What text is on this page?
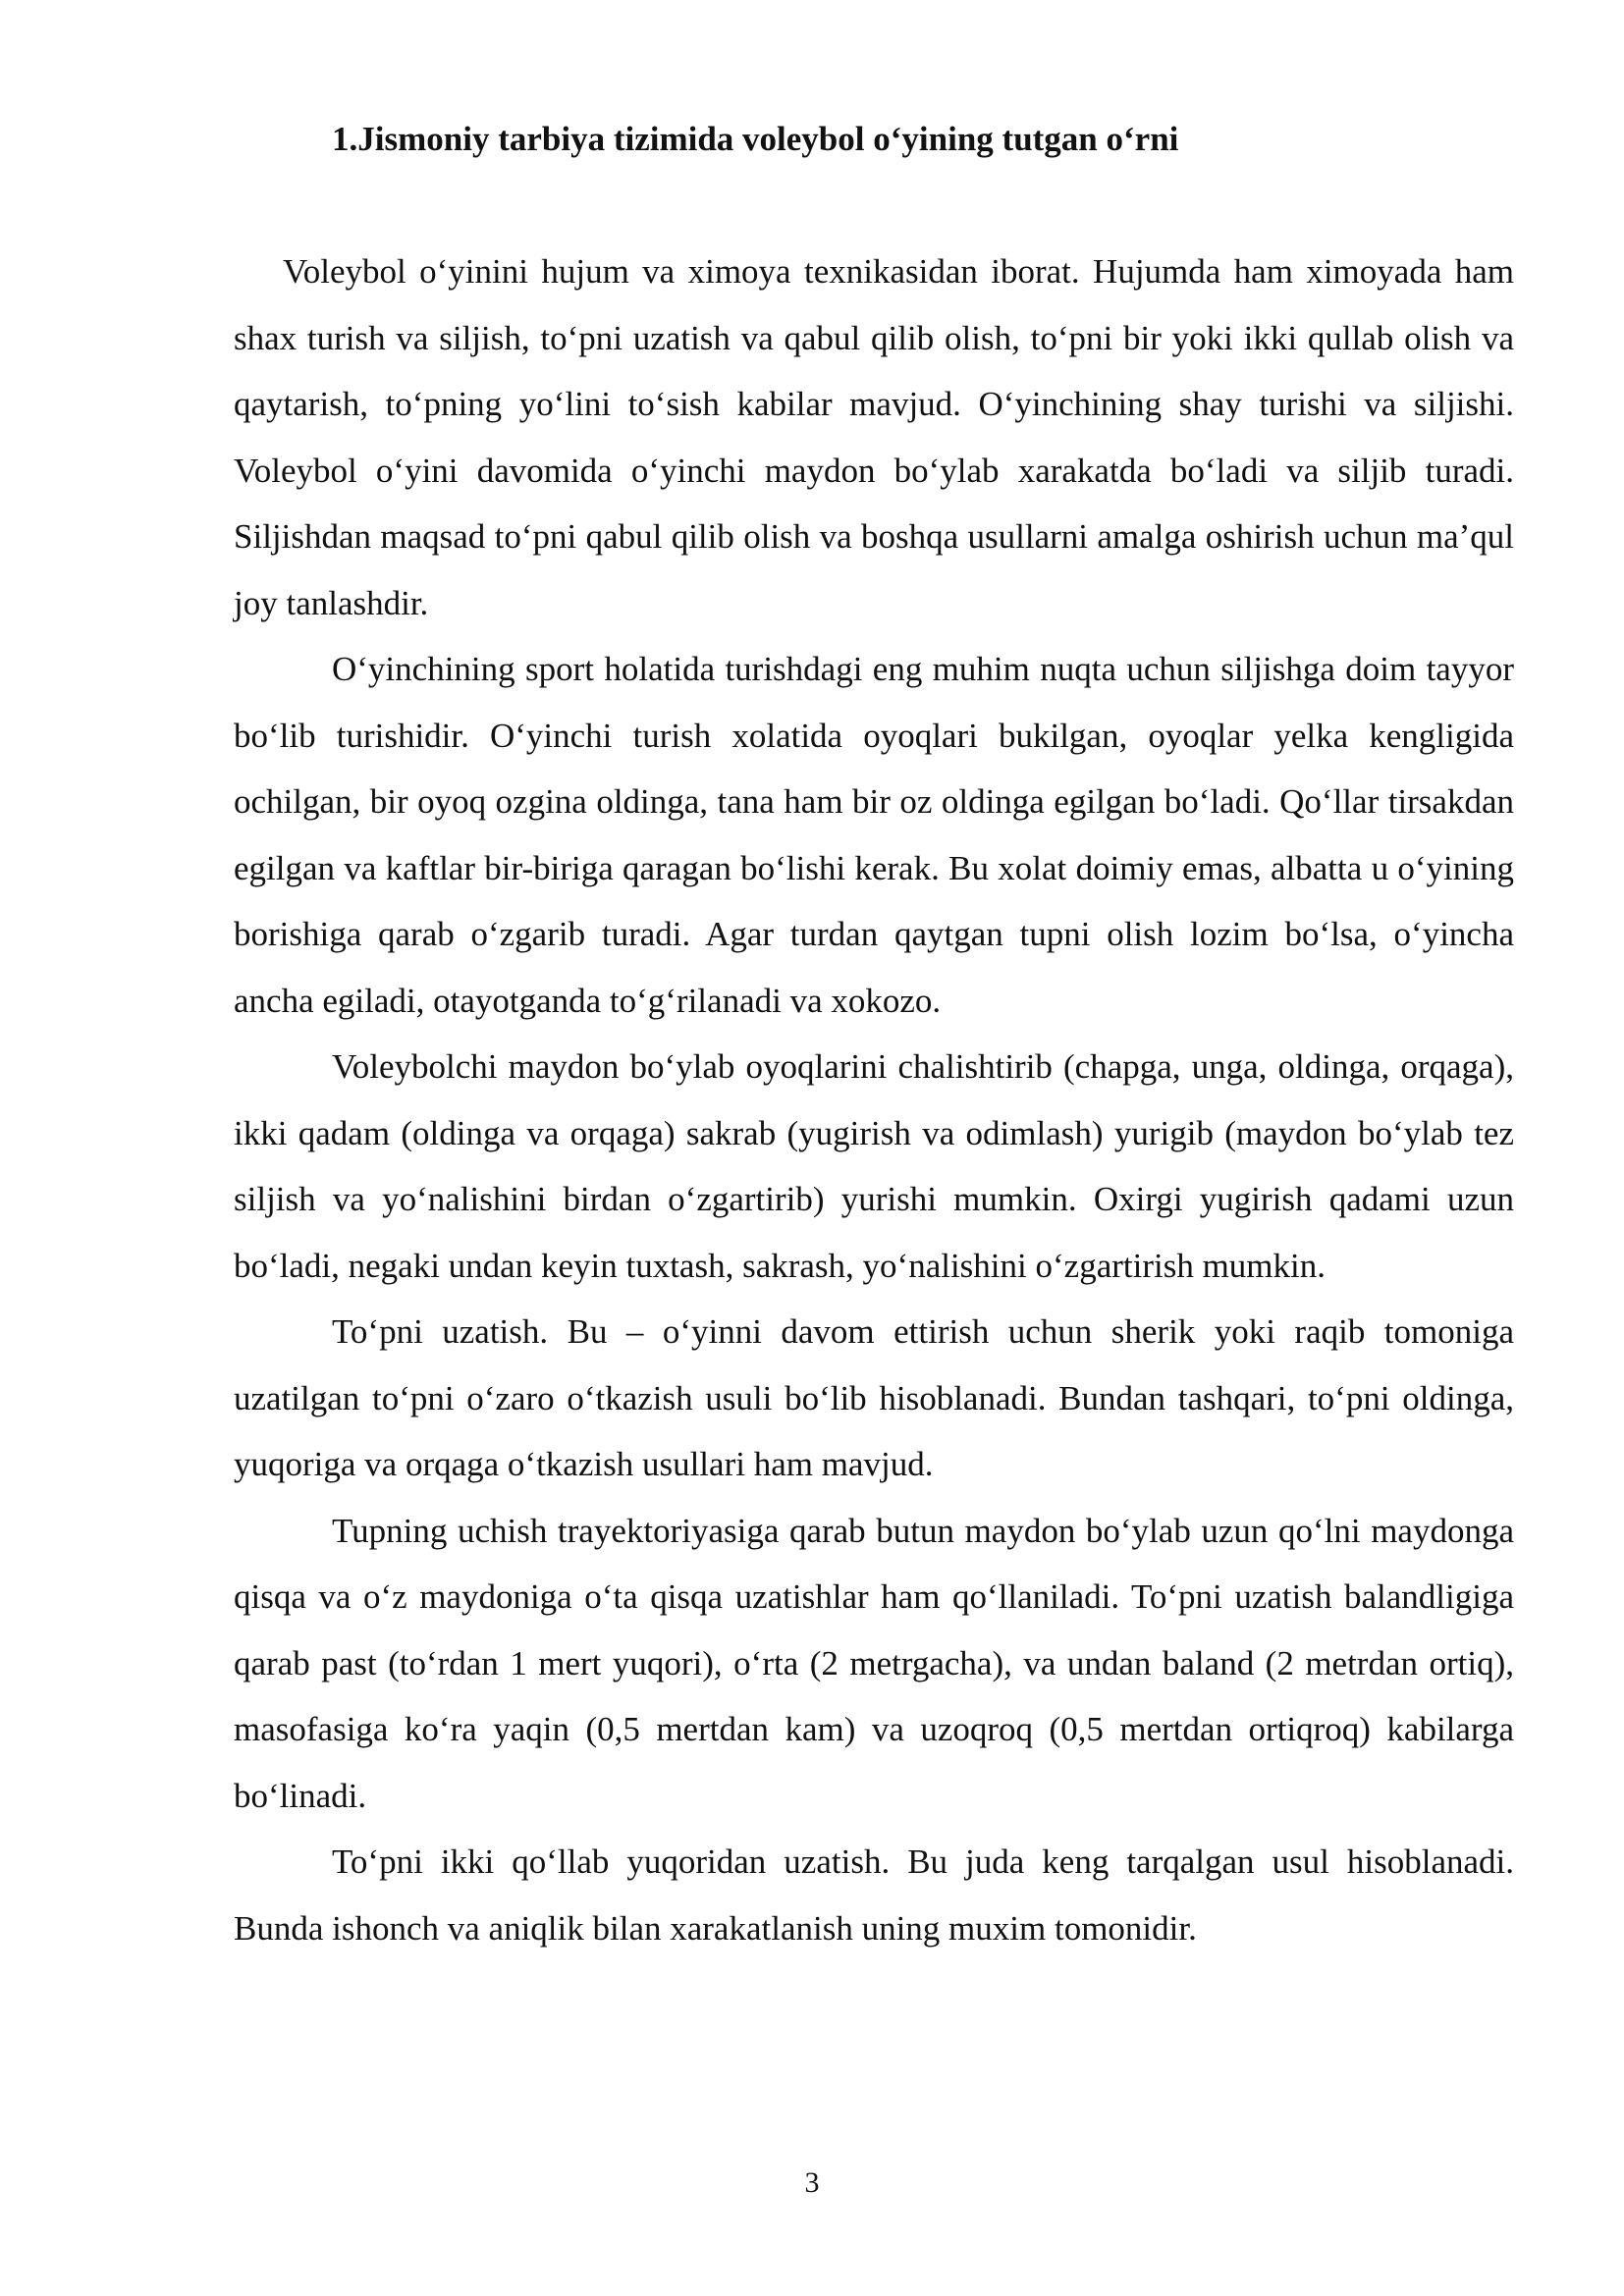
1.Jismoniy tarbiya tizimida voleybol o‘yining tutgan o‘rni

Voleybol o‘yinini hujum va ximoya texnikasidan iborat. Hujumda ham ximoyada ham shax turish va siljish, to‘pni uzatish va qabul qilib olish, to‘pni bir yoki ikki qullab olish va qaytarish, to‘pning yo‘lini to‘sish kabilar mavjud. O‘yinchining shay turishi va siljishi. Voleybol o‘yini davomida o‘yinchi maydon bo‘ylab xarakatda bo‘ladi va siljib turadi. Siljishdan maqsad to‘pni qabul qilib olish va boshqa usullarni amalga oshirish uchun ma’qul joy tanlashdir.

O‘yinchining sport holatida turishdagi eng muhim nuqta uchun siljishga doim tayyor bo‘lib turishidir. O‘yinchi turish xolatida oyoqlari bukilgan, oyoqlar yelka kengligida ochilgan, bir oyoq ozgina oldinga, tana ham bir oz oldinga egilgan bo‘ladi. Qo‘llar tirsakdan egilgan va kaftlar bir-biriga qaragan bo‘lishi kerak. Bu xolat doimiy emas, albatta u o‘yining borishiga qarab o‘zgarib turadi. Agar turdan qaytgan tupni olish lozim bo‘lsa, o‘yincha ancha egiladi, otayotganda to‘g‘rilanadi va xokozo.

Voleybolchi maydon bo‘ylab oyoqlarini chalishtirib (chapga, unga, oldinga, orqaga), ikki qadam (oldinga va orqaga) sakrab (yugirish va odimlash) yurigib (maydon bo‘ylab tez siljish va yo‘nalishini birdan o‘zgartirib) yurishi mumkin. Oxirgi yugirish qadami uzun bo‘ladi, negaki undan keyin tuxtash, sakrash, yo‘nalishini o‘zgartirish mumkin.

To‘pni uzatish. Bu – o‘yinni davom ettirish uchun sherik yoki raqib tomoniga uzatilgan to‘pni o‘zaro o‘tkazish usuli bo‘lib hisoblanadi. Bundan tashqari, to‘pni oldinga, yuqoriga va orqaga o‘tkazish usullari ham mavjud.

Tupning uchish trayektoriyasiga qarab butun maydon bo‘ylab uzun qo‘lni maydonga qisqa va o‘z maydoniga o‘ta qisqa uzatishlar ham qo‘llaniladi. To‘pni uzatish balandligiga qarab past (to‘rdan 1 mert yuqori), o‘rta (2 metrgacha), va undan baland (2 metrdan ortiq), masofasiga ko‘ra yaqin (0,5 mertdan kam) va uzoqroq (0,5 mertdan ortiqroq) kabilarga bo‘linadi.

To‘pni ikki qo‘llab yuqoridan uzatish. Bu juda keng tarqalgan usul hisoblanadi. Bunda ishonch va aniqlik bilan xarakatlanish uning muxim tomonidir.

3
